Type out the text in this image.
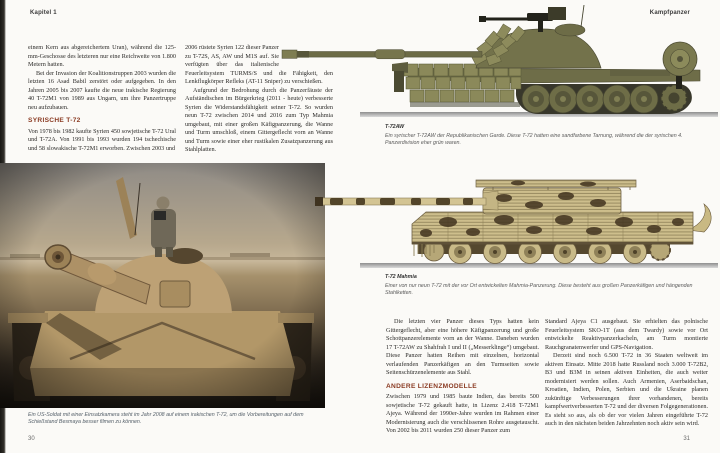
Kapitel 1	Kampfpanzer

einem Kern aus abgereichertem Uran), während die 125-mm-Geschosse des letzteren nur eine Reichweite von 1.800 Metern hatten.

Bei der Invasion der Koalitionstruppen 2003 wurden die letzten 16 Asad Babil zerstört oder aufgegeben. In den Jahren 2005 bis 2007 kaufte die neue irakische Regierung 40 T-72M1 von 1989 aus Ungarn, um ihre Panzertruppe neu aufzubauen.

SYRISCHE T-72

Von 1978 bis 1982 kaufte Syrien 450 sowjetische T-72 Ural und T-72A. Von 1991 bis 1993 wurden 194 tschechische und 58 slowakische T-72M1 erworben. Zwischen 2003 und

2006 rüstete Syrien 122 dieser Panzer zu T-72S, AS, AW und M1S auf. Sie verfügten über das italienische Feuerleitsystem TURMS/S und die Fähigkeit, den Lenkflugkörper Refleks (AT-11 Sniper) zu verschießen.

Aufgrund der Bedrohung durch die Panzerfäuste der Aufständischen im Bürgerkrieg (2011 - heute) verbesserte Syrien die Widerstandsfähigkeit seiner T-72. So wurden neun T-72 zwischen 2014 und 2016 zum Typ Mahmia umgebaut, mit einer großen Käfigpanzerung, die Wanne und Turm umschloß, einem Gittergeflecht vorn an Wanne und Turm sowie einer eher rustikalen Zusatzpanzerung aus Stahlplatten.

Ein US-Soldat mit einer Einsatzkamera steht im Jahr 2008 auf einem irakischen T-72, um die Vorbereitungen auf dem Schießstand Besmaya besser filmen zu können.
30
T-72AW
Ein syrischer T-72AW der Republikanischen Garde. Diese T-72 hatten eine sandfarbene Tarnung, während die der syrischen 4. Panzerdivision eher grün waren.
T-72 Mahmia
Einer von nur neun T-72 mit der vor Ort entwickelten Mahmia-Panzerung. Diese besteht aus großen Panzerkäfigen und hängenden Stahlketten.

Die letzten vier Panzer dieses Typs hatten kein Gittergeflecht, aber eine höhere Käfigpanzerung und große Schottpanzerelemente vorn an der Wanne. Daneben wurden 17 T-72AW zu Shahfrah I und II („Messerklinge“) umgebaut. Diese Panzer hatten Reihen mit einzelnen, horizontal verlaufenden Panzerkäfigen an den Turmseiten sowie Seitenschürzenelemente aus Stahl.

ANDERE LIZENZMODELLE

Zwischen 1979 und 1985 baute Indien, das bereits 500 sowjetische T-72 gekauft hatte, in Lizenz 2.418 T-72M1 Ajeya. Während der 1990er-Jahre wurden im Rahmen einer Modernisierung auch die verschlissenen Rohre ausgetauscht. Von 2002 bis 2011 wurden 250 dieser Panzer zum

Standard Ajeya C1 ausgebaut. Sie erhielten das polnische Feuerleitsystem SKO-1T (aus dem Twardy) sowie vor Ort entwickelte Reaktivpanzerkacheln, am Turm montierte Rauchgranatenwerfer und GPS-Navigation.

Derzeit sind noch 6.500 T-72 in 36 Staaten weltweit im aktiven Einsatz. Mitte 2018 hatte Russland noch 3.000 T-72B2, B3 und B3M in seinen aktiven Einheiten, die auch weiter modernisiert werden sollen. Auch Armenien, Aserbaidschan, Kroatien, Indien, Polen, Serbien und die Ukraine planen zukünftige Verbesserungen ihrer vorhandenen, bereits kampfwertverbesserten T-72 und der diversen Folgegenerationen. Es sieht so aus, als ob der vor vielen Jahren eingeführte T-72 auch in den nächsten beiden Jahrzehnten noch aktiv sein wird.

31
